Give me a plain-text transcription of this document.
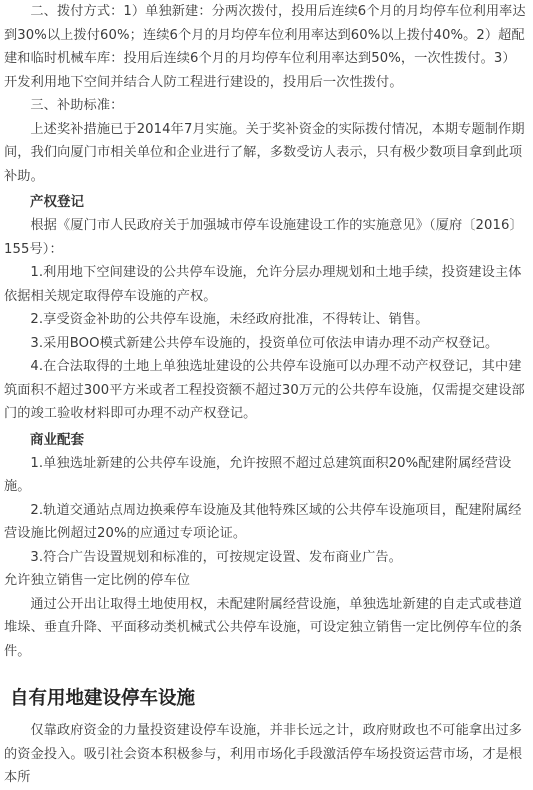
二、拨付方式：1）单独新建：分两次拨付，投用后连续6个月的月均停车位利用率达到30%以上拨付60%；连续6个月的月均停车位利用率达到60%以上拨付40%。2）超配建和临时机械车库：投用后连续6个月的月均停车位利用率达到50%，一次性拨付。3）开发利用地下空间并结合人防工程进行建设的，投用后一次性拨付。

三、补助标准：

上述奖补措施已于2014年7月实施。关于奖补资金的实际拨付情况，本期专题制作期间，我们向厦门市相关单位和企业进行了解，多数受访人表示，只有极少数项目拿到此项补助。

产权登记

根据《厦门市人民政府关于加强城市停车设施建设工作的实施意见》（厦府〔2016〕155号）：

1.利用地下空间建设的公共停车设施，允许分层办理规划和土地手续，投资建设主体依据相关规定取得停车设施的产权。

2.享受资金补助的公共停车设施，未经政府批准，不得转让、销售。

3.采用BOO模式新建公共停车设施的，投资单位可依法申请办理不动产权登记。

4.在合法取得的土地上单独选址建设的公共停车设施可以办理不动产权登记，其中建筑面积不超过300平方米或者工程投资额不超过30万元的公共停车设施，仅需提交建设部门的竣工验收材料即可办理不动产权登记。

商业配套

1.单独选址新建的公共停车设施，允许按照不超过总建筑面积20%配建附属经营设施。

2.轨道交通站点周边换乘停车设施及其他特殊区域的公共停车设施项目，配建附属经营设施比例超过20%的应通过专项论证。

3.符合广告设置规划和标准的，可按规定设置、发布商业广告。

允许独立销售一定比例的停车位

通过公开出让取得土地使用权，未配建附属经营设施，单独选址新建的自走式或巷道堆垛、垂直升降、平面移动类机械式公共停车设施，可设定独立销售一定比例停车位的条件。

自有用地建设停车设施

仅靠政府资金的力量投资建设停车设施，并非长远之计，政府财政也不可能拿出过多的资金投入。吸引社会资本积极参与，利用市场化手段激活停车场投资运营市场，才是根本所
